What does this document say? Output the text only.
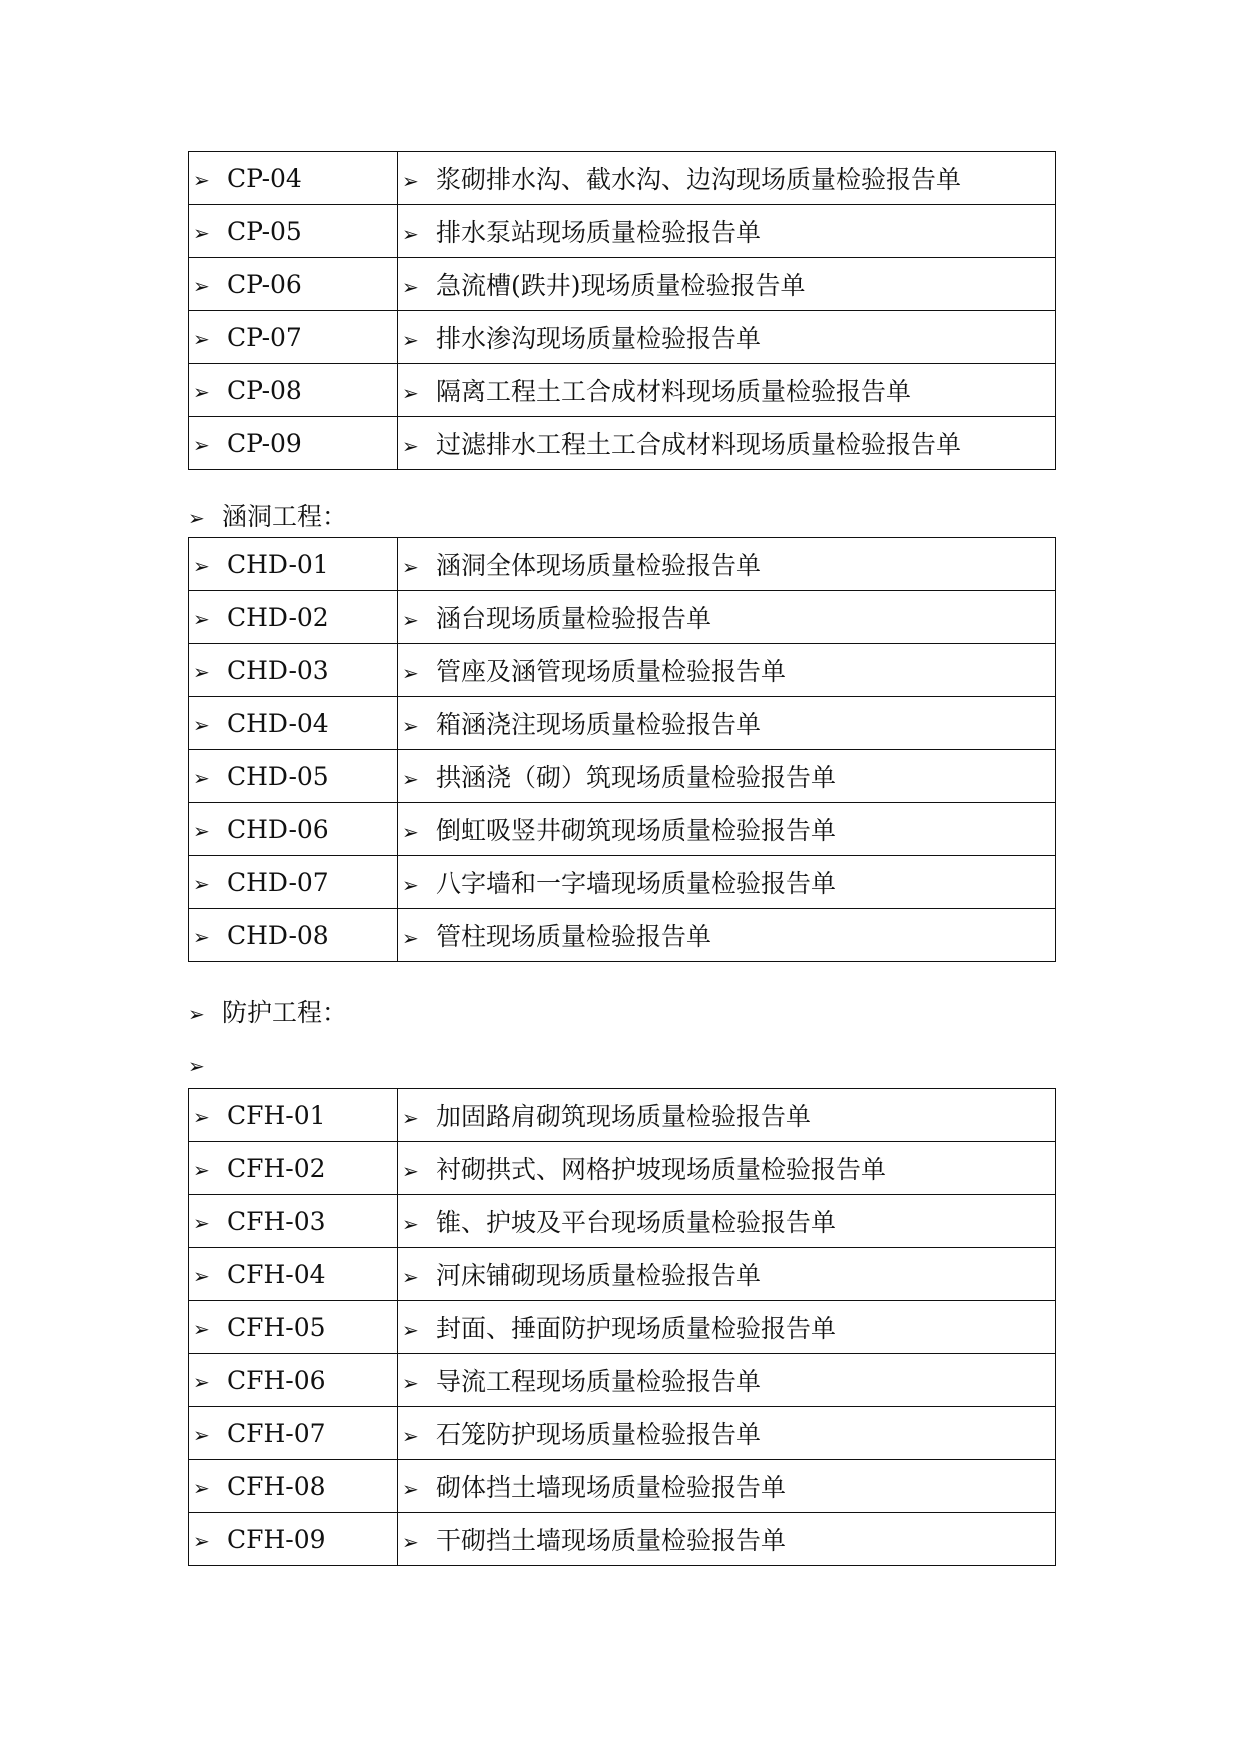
➢ CP-04	➢ 浆砌排水沟、截水沟、边沟现场质量检验报告单
➢ CP-05	➢ 排水泵站现场质量检验报告单
➢ CP-06	➢ 急流槽(跌井)现场质量检验报告单
➢ CP-07	➢ 排水渗沟现场质量检验报告单
➢ CP-08	➢ 隔离工程土工合成材料现场质量检验报告单
➢ CP-09	➢ 过滤排水工程土工合成材料现场质量检验报告单
➢ 涵洞工程：
➢ CHD-01	➢ 涵洞全体现场质量检验报告单
➢ CHD-02	➢ 涵台现场质量检验报告单
➢ CHD-03	➢ 管座及涵管现场质量检验报告单
➢ CHD-04	➢ 箱涵浇注现场质量检验报告单
➢ CHD-05	➢ 拱涵浇（砌）筑现场质量检验报告单
➢ CHD-06	➢ 倒虹吸竖井砌筑现场质量检验报告单
➢ CHD-07	➢ 八字墙和一字墙现场质量检验报告单
➢ CHD-08	➢ 管柱现场质量检验报告单
➢ 防护工程：
➢
➢ CFH-01	➢ 加固路肩砌筑现场质量检验报告单
➢ CFH-02	➢ 衬砌拱式、网格护坡现场质量检验报告单
➢ CFH-03	➢ 锥、护坡及平台现场质量检验报告单
➢ CFH-04	➢ 河床铺砌现场质量检验报告单
➢ CFH-05	➢ 封面、捶面防护现场质量检验报告单
➢ CFH-06	➢ 导流工程现场质量检验报告单
➢ CFH-07	➢ 石笼防护现场质量检验报告单
➢ CFH-08	➢ 砌体挡土墙现场质量检验报告单
➢ CFH-09	➢ 干砌挡土墙现场质量检验报告单
